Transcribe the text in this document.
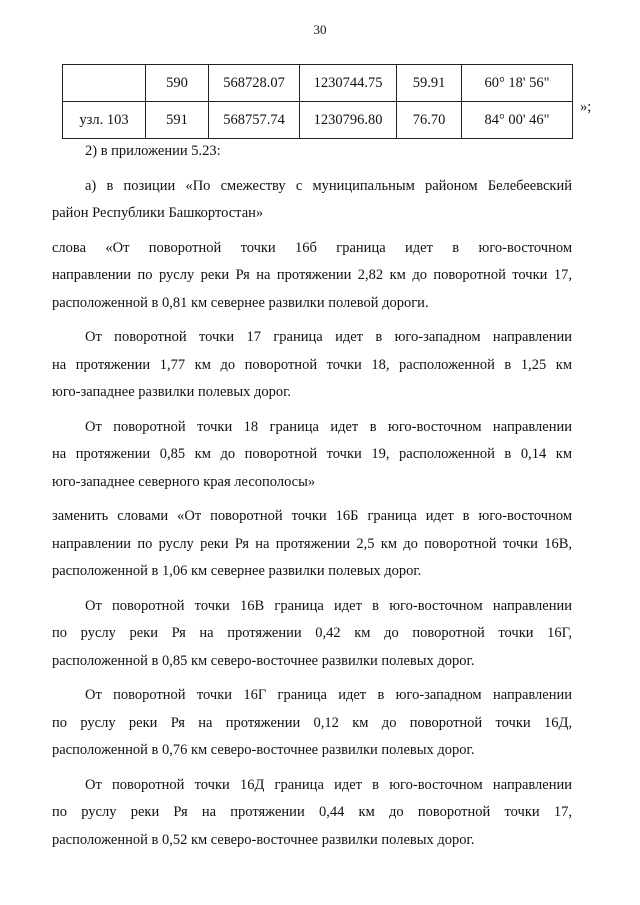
30
	590	568728.07	1230744.75	59.91	60° 18' 56"
узл. 103	591	568757.74	1230796.80	76.70	84° 00' 46"
»;
2) в приложении 5.23:
а) в позиции «По смежеству с муниципальным районом Белебеевский
район Республики Башкортостан»
слова «От поворотной точки 16б граница идет в юго-восточном
направлении по руслу реки Ря на протяжении 2,82 км до поворотной точки 17,
расположенной в 0,81 км севернее развилки полевой дороги.
От поворотной точки 17 граница идет в юго-западном направлении
на протяжении 1,77 км до поворотной точки 18, расположенной в 1,25 км
юго-западнее развилки полевых дорог.
От поворотной точки 18 граница идет в юго-восточном направлении
на протяжении 0,85 км до поворотной точки 19, расположенной в 0,14 км
юго-западнее северного края лесополосы»
заменить словами «От поворотной точки 16Б граница идет в юго-восточном
направлении по руслу реки Ря на протяжении 2,5 км до поворотной точки 16В,
расположенной в 1,06 км севернее развилки полевых дорог.
От поворотной точки 16В граница идет в юго-восточном направлении
по руслу реки Ря на протяжении 0,42 км до поворотной точки 16Г,
расположенной в 0,85 км северо-восточнее развилки полевых дорог.
От поворотной точки 16Г граница идет в юго-западном направлении
по руслу реки Ря на протяжении 0,12 км до поворотной точки 16Д,
расположенной в 0,76 км северо-восточнее развилки полевых дорог.
От поворотной точки 16Д граница идет в юго-восточном направлении
по руслу реки Ря на протяжении 0,44 км до поворотной точки 17,
расположенной в 0,52 км северо-восточнее развилки полевых дорог.
